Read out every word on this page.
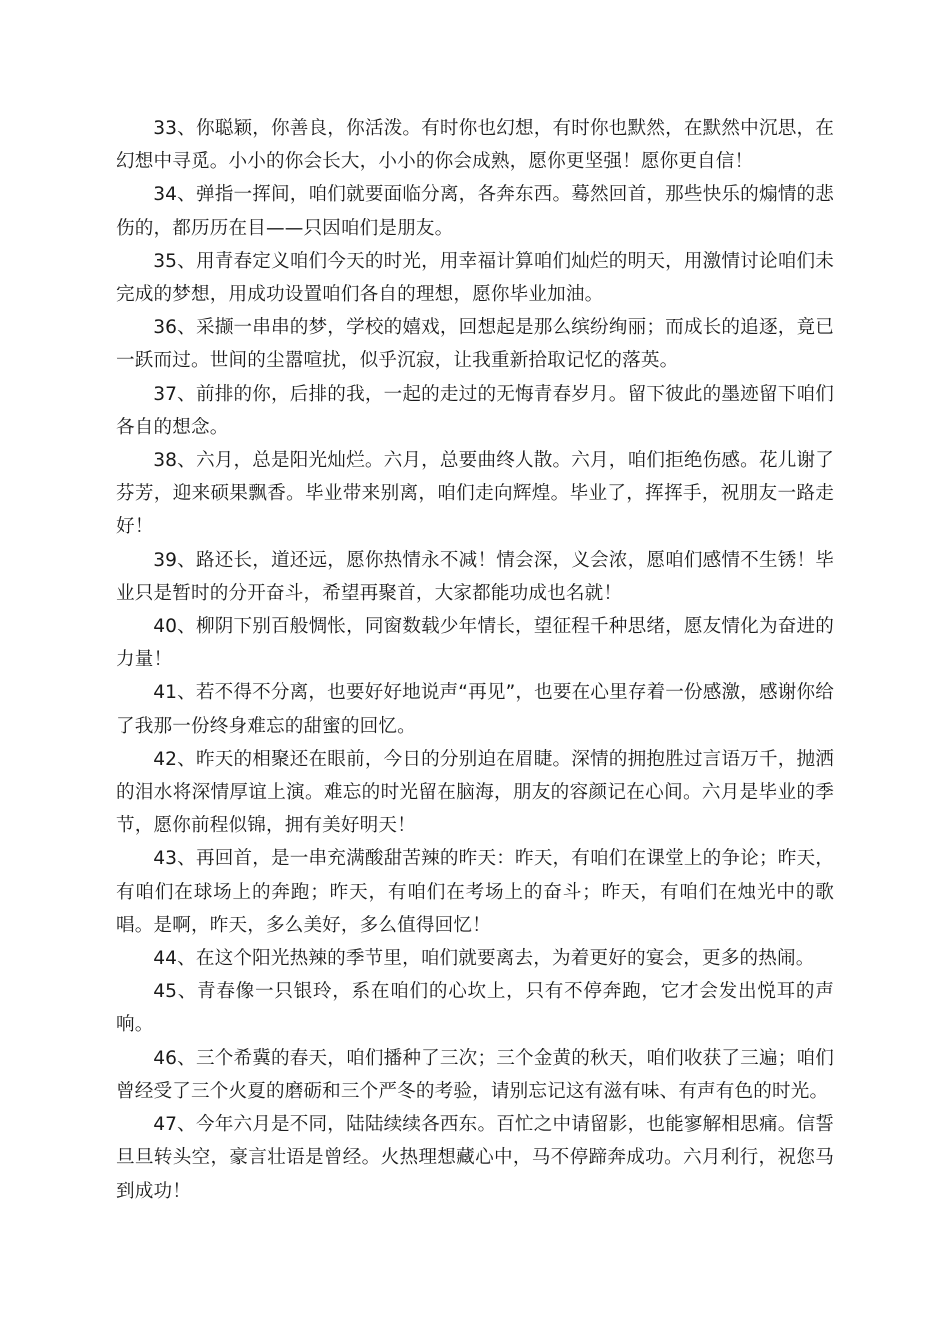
33、你聪颖，你善良，你活泼。有时你也幻想，有时你也默然，在默然中沉思，在幻想中寻觅。小小的你会长大，小小的你会成熟，愿你更坚强！愿你更自信！

34、弹指一挥间，咱们就要面临分离，各奔东西。蓦然回首，那些快乐的煽情的悲伤的，都历历在目——只因咱们是朋友。

35、用青春定义咱们今天的时光，用幸福计算咱们灿烂的明天，用激情讨论咱们未完成的梦想，用成功设置咱们各自的理想，愿你毕业加油。

36、采撷一串串的梦，学校的嬉戏，回想起是那么缤纷绚丽；而成长的追逐，竟已一跃而过。世间的尘嚣喧扰，似乎沉寂，让我重新拾取记忆的落英。

37、前排的你，后排的我，一起的走过的无悔青春岁月。留下彼此的墨迹留下咱们各自的想念。

38、六月，总是阳光灿烂。六月，总要曲终人散。六月，咱们拒绝伤感。花儿谢了芬芳，迎来硕果飘香。毕业带来别离，咱们走向辉煌。毕业了，挥挥手，祝朋友一路走好！

39、路还长，道还远，愿你热情永不减！情会深，义会浓，愿咱们感情不生锈！毕业只是暂时的分开奋斗，希望再聚首，大家都能功成也名就！

40、柳阴下别百般惆怅，同窗数载少年情长，望征程千种思绪，愿友情化为奋进的力量！

41、若不得不分离，也要好好地说声“再见”，也要在心里存着一份感激，感谢你给了我那一份终身难忘的甜蜜的回忆。

42、昨天的相聚还在眼前，今日的分别迫在眉睫。深情的拥抱胜过言语万千，抛洒的泪水将深情厚谊上演。难忘的时光留在脑海，朋友的容颜记在心间。六月是毕业的季节，愿你前程似锦，拥有美好明天！

43、再回首，是一串充满酸甜苦辣的昨天：昨天，有咱们在课堂上的争论；昨天，有咱们在球场上的奔跑；昨天，有咱们在考场上的奋斗；昨天，有咱们在烛光中的歌唱。是啊，昨天，多么美好，多么值得回忆！

44、在这个阳光热辣的季节里，咱们就要离去，为着更好的宴会，更多的热闹。

45、青春像一只银玲，系在咱们的心坎上，只有不停奔跑，它才会发出悦耳的声响。

46、三个希冀的春天，咱们播种了三次；三个金黄的秋天，咱们收获了三遍；咱们曾经受了三个火夏的磨砺和三个严冬的考验，请别忘记这有滋有味、有声有色的时光。

47、今年六月是不同，陆陆续续各西东。百忙之中请留影，也能寥解相思痛。信誓旦旦转头空，豪言壮语是曾经。火热理想藏心中，马不停蹄奔成功。六月利行，祝您马到成功！
